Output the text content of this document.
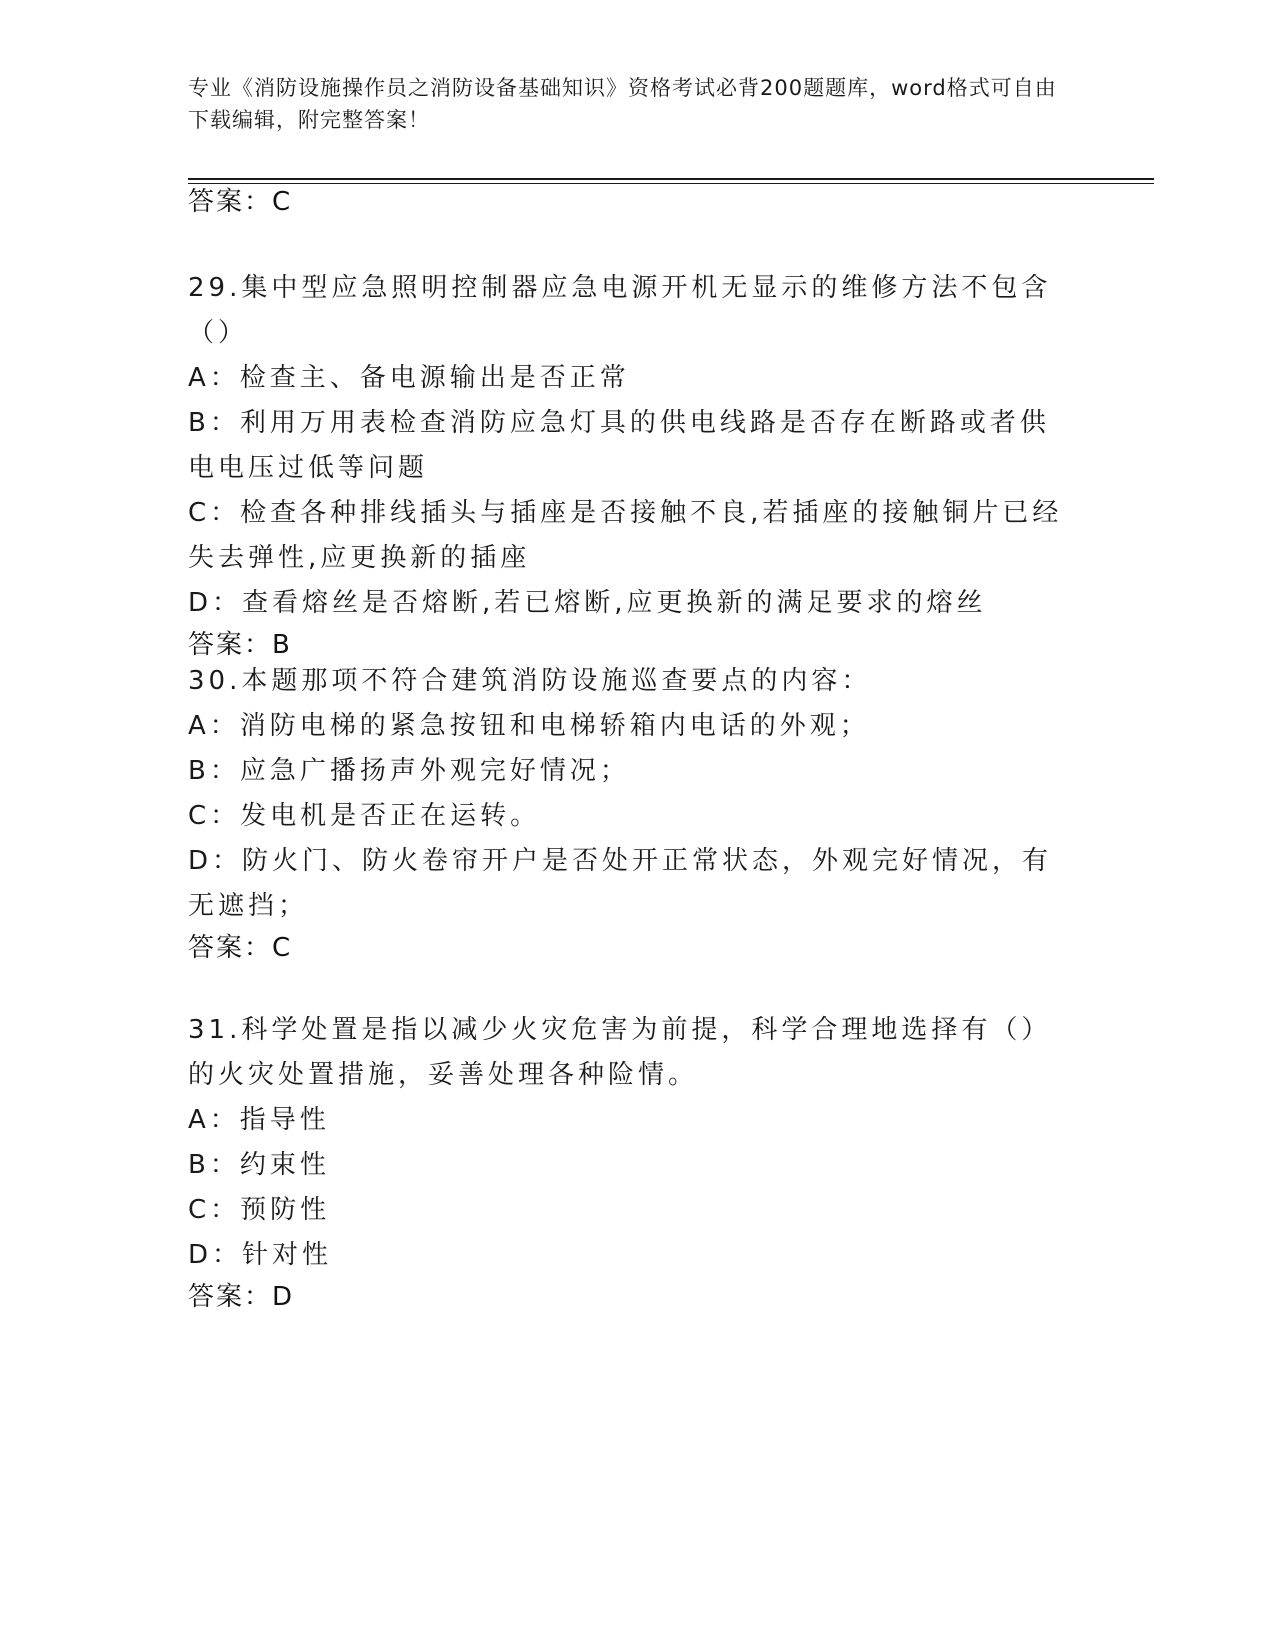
专业《消防设施操作员之消防设备基础知识》资格考试必背200题题库，word格式可自由下载编辑，附完整答案！
答案：C
29.集中型应急照明控制器应急电源开机无显示的维修方法不包含（）
A：检查主、备电源输出是否正常
B：利用万用表检查消防应急灯具的供电线路是否存在断路或者供电电压过低等问题
C：检查各种排线插头与插座是否接触不良,若插座的接触铜片已经失去弹性,应更换新的插座
D：查看熔丝是否熔断,若已熔断,应更换新的满足要求的熔丝
答案：B
30.本题那项不符合建筑消防设施巡查要点的内容：
A：消防电梯的紧急按钮和电梯轿箱内电话的外观；
B：应急广播扬声外观完好情况；
C：发电机是否正在运转。
D：防火门、防火卷帘开户是否处开正常状态，外观完好情况，有无遮挡；
答案：C
31.科学处置是指以减少火灾危害为前提，科学合理地选择有（）的火灾处置措施，妥善处理各种险情。
A：指导性
B：约束性
C：预防性
D：针对性
答案：D
